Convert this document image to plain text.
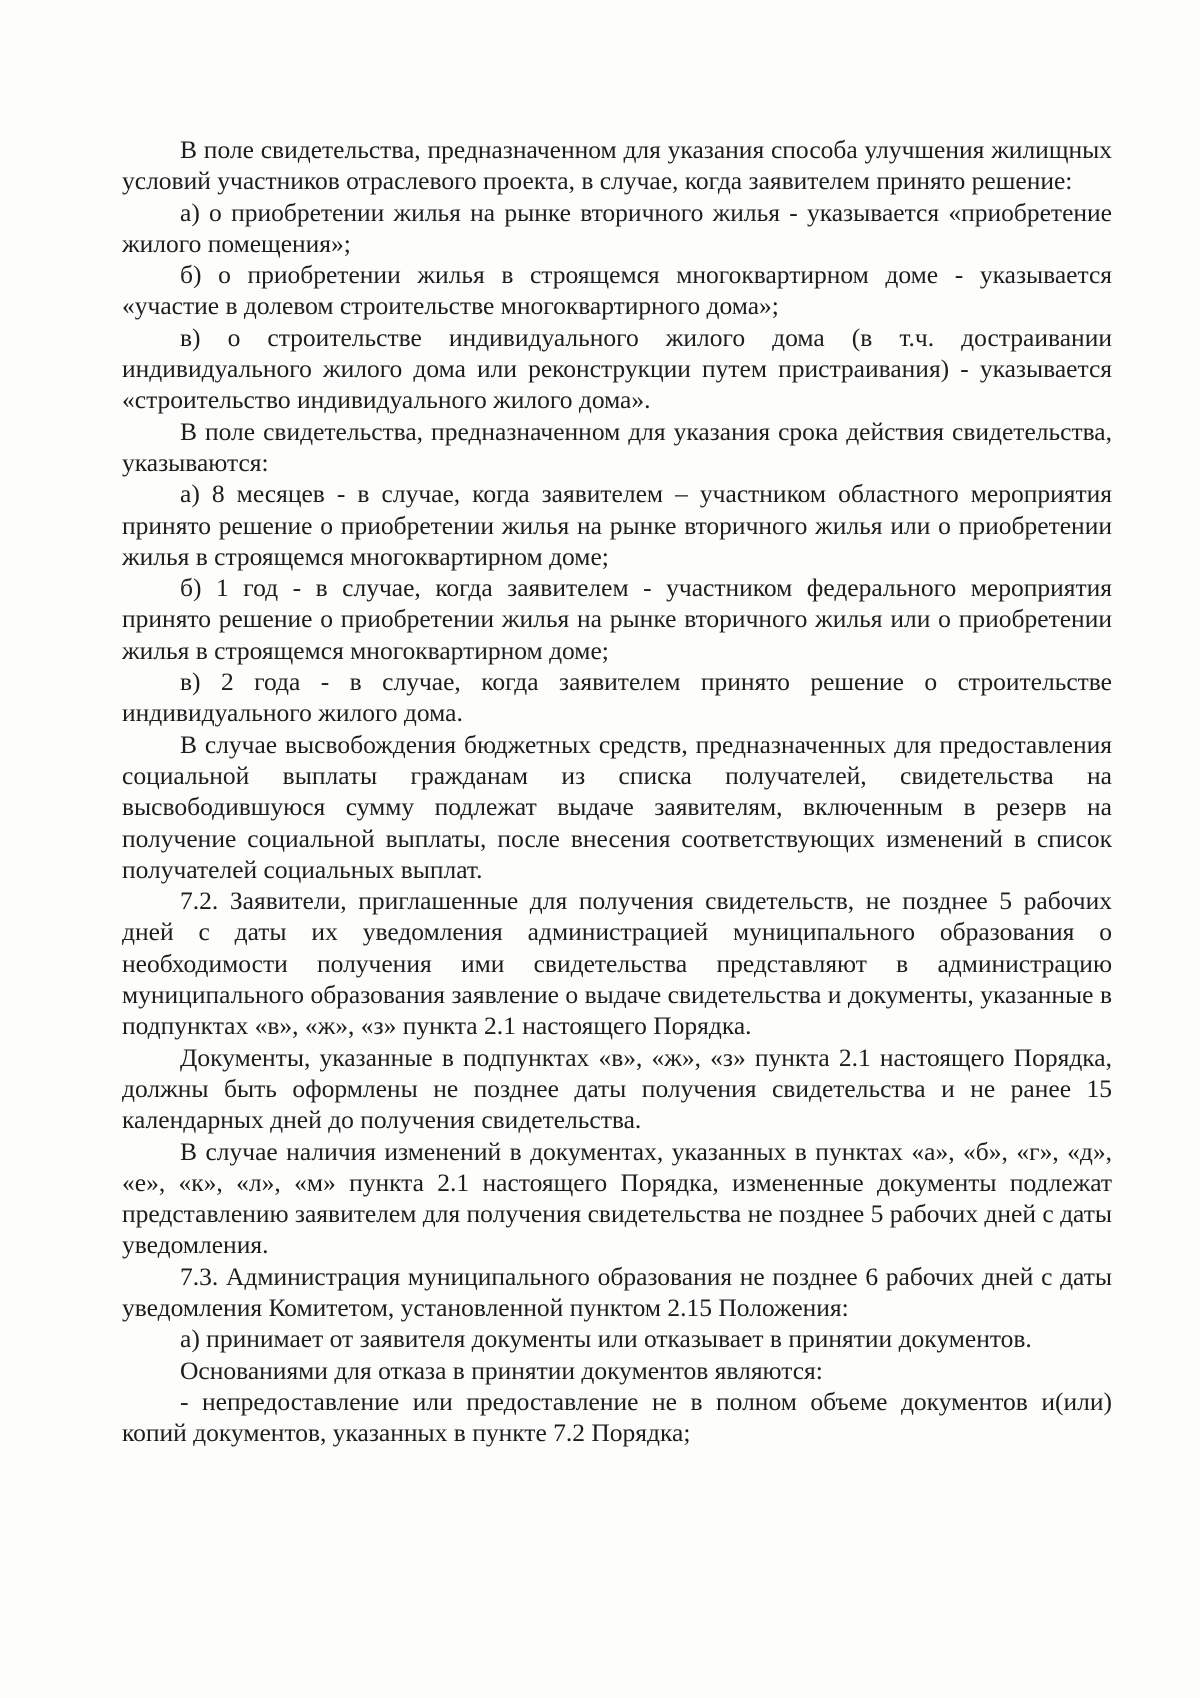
В поле свидетельства, предназначенном для указания способа улучшения жилищных условий участников отраслевого проекта, в случае, когда заявителем принято решение:

а) о приобретении жилья на рынке вторичного жилья - указывается «приобретение жилого помещения»;

б) о приобретении жилья в строящемся многоквартирном доме - указывается «участие в долевом строительстве многоквартирного дома»;

в) о строительстве индивидуального жилого дома (в т.ч. достраивании индивидуального жилого дома или реконструкции путем пристраивания) - указывается «строительство индивидуального жилого дома».

В поле свидетельства, предназначенном для указания срока действия свидетельства, указываются:

а) 8 месяцев - в случае, когда заявителем – участником областного мероприятия принято решение о приобретении жилья на рынке вторичного жилья или о приобретении жилья в строящемся многоквартирном доме;

б) 1 год - в случае, когда заявителем - участником федерального мероприятия принято решение о приобретении жилья на рынке вторичного жилья или о приобретении жилья в строящемся многоквартирном доме;

в) 2 года - в случае, когда заявителем принято решение о строительстве индивидуального жилого дома.

В случае высвобождения бюджетных средств, предназначенных для предоставления социальной выплаты гражданам из списка получателей, свидетельства на высвободившуюся сумму подлежат выдаче заявителям, включенным в резерв на получение социальной выплаты, после внесения соответствующих изменений в список получателей социальных выплат.

7.2. Заявители, приглашенные для получения свидетельств, не позднее 5 рабочих дней с даты их уведомления администрацией муниципального образования о необходимости получения ими свидетельства представляют в администрацию муниципального образования заявление о выдаче свидетельства и документы, указанные в подпунктах «в», «ж», «з» пункта 2.1 настоящего Порядка.

Документы, указанные в подпунктах «в», «ж», «з» пункта 2.1 настоящего Порядка, должны быть оформлены не позднее даты получения свидетельства и не ранее 15 календарных дней до получения свидетельства.

В случае наличия изменений в документах, указанных в пунктах «а», «б», «г», «д», «е», «к», «л», «м» пункта 2.1 настоящего Порядка, измененные документы подлежат представлению заявителем для получения свидетельства не позднее 5 рабочих дней с даты уведомления.

7.3. Администрация муниципального образования не позднее 6 рабочих дней с даты уведомления Комитетом, установленной пунктом 2.15 Положения:

а) принимает от заявителя документы или отказывает в принятии документов.

Основаниями для отказа в принятии документов являются:

- непредоставление или предоставление не в полном объеме документов и(или) копий документов, указанных в пункте 7.2 Порядка;
